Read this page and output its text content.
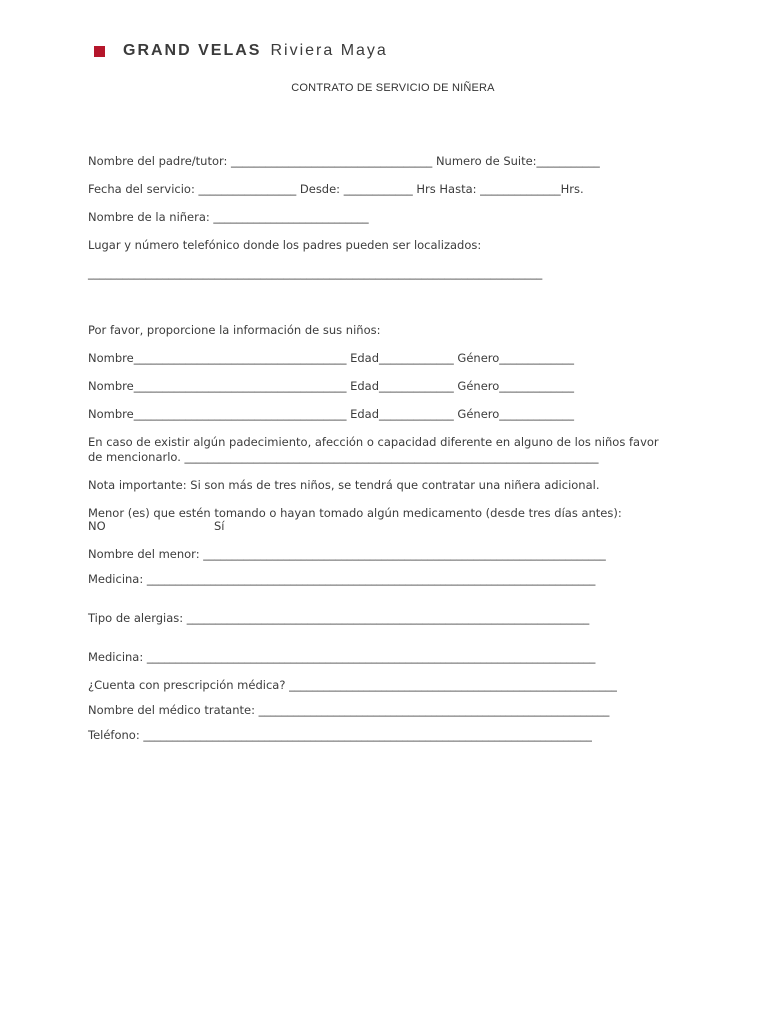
GRAND VELAS Riviera Maya
CONTRATO DE SERVICIO DE NIÑERA
Nombre del padre/tutor: ___________________________________ Numero de Suite:___________
Fecha del servicio: _________________ Desde: ____________ Hrs Hasta: ______________Hrs.
Nombre de la niñera: ___________________________
Lugar y número telefónico donde los padres pueden ser localizados:
_______________________________________________________________________________
Por favor, proporcione la información de sus niños:
Nombre_____________________________________ Edad_____________ Género_____________
Nombre_____________________________________ Edad_____________ Género_____________
Nombre_____________________________________ Edad_____________ Género_____________
En caso de existir algún padecimiento, afección o capacidad diferente en alguno de los niños favor
de mencionarlo. ________________________________________________________________________
Nota importante: Si son más de tres niños, se tendrá que contratar una niñera adicional.
Menor (es) que estén tomando o hayan tomado algún medicamento (desde tres días antes):
NO	Sí
Nombre del menor: ______________________________________________________________________
Medicina: ______________________________________________________________________________
Tipo de alergias: ______________________________________________________________________
Medicina: ______________________________________________________________________________
¿Cuenta con prescripción médica? _________________________________________________________
Nombre del médico tratante: _____________________________________________________________
Teléfono: ______________________________________________________________________________
